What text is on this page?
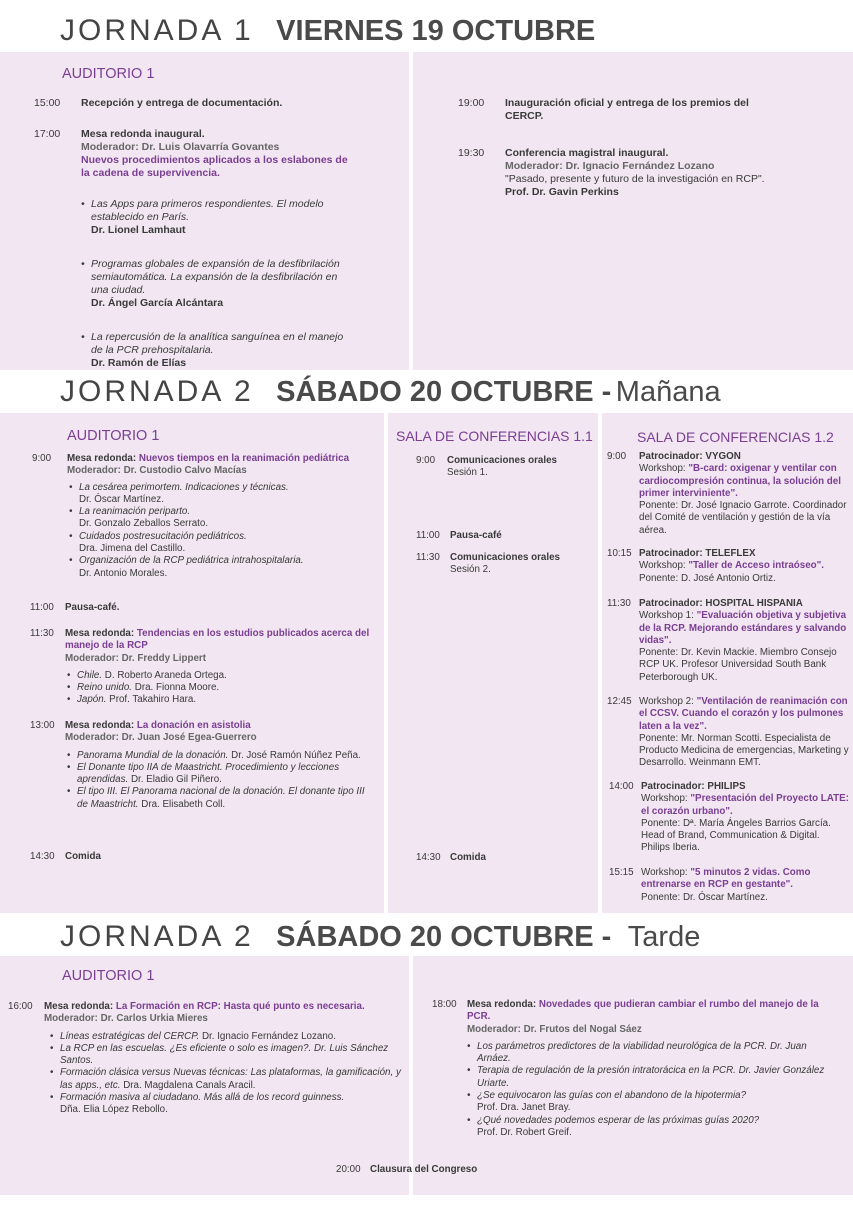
JORNADA 1 VIERNES 19 OCTUBRE
AUDITORIO 1
15:00 Recepción y entrega de documentación.
17:00 Mesa redonda inaugural.
Moderador: Dr. Luis Olavarría Govantes
Nuevos procedimientos aplicados a los eslabones de la cadena de supervivencia.
• Las Apps para primeros respondientes. El modelo establecido en París.
Dr. Lionel Lamhaut
• Programas globales de expansión de la desfibrilación semiautomática. La expansión de la desfibrilación en una ciudad.
Dr. Ángel García Alcántara
• La repercusión de la analítica sanguínea en el manejo de la PCR prehospitalaria.
Dr. Ramón de Elías
19:00 Inauguración oficial y entrega de los premios del CERCP.
19:30 Conferencia magistral inaugural.
Moderador: Dr. Ignacio Fernández Lozano
"Pasado, presente y futuro de la investigación en RCP".
Prof. Dr. Gavin Perkins
JORNADA 2 SÁBADO 20 OCTUBRE - Mañana
AUDITORIO 1	SALA DE CONFERENCIAS 1.1	SALA DE CONFERENCIAS 1.2
9:00 Mesa redonda: Nuevos tiempos en la reanimación pediátrica
Moderador: Dr. Custodio Calvo Macías
• La cesárea perimortem. Indicaciones y técnicas.
Dr. Óscar Martínez.
• La reanimación periparto.
Dr. Gonzalo Zeballos Serrato.
• Cuidados postresucitación pediátricos.
Dra. Jimena del Castillo.
• Organización de la RCP pediátrica intrahospitalaria.
Dr. Antonio Morales.
11:00 Pausa-café.
11:30 Mesa redonda: Tendencias en los estudios publicados acerca del manejo de la RCP
Moderador: Dr. Freddy Lippert
• Chile. D. Roberto Araneda Ortega.
• Reino unido. Dra. Fionna Moore.
• Japón. Prof. Takahiro Hara.
13:00 Mesa redonda: La donación en asistolia
Moderador: Dr. Juan José Egea-Guerrero
• Panorama Mundial de la donación. Dr. José Ramón Núñez Peña.
• El Donante tipo IIA de Maastricht. Procedimiento y lecciones aprendidas. Dr. Eladio Gil Piñero.
• El tipo III. El Panorama nacional de la donación. El donante tipo III de Maastricht. Dra. Elisabeth Coll.
14:30 Comida
9:00 Comunicaciones orales
Sesión 1.
11:00 Pausa-café
11:30 Comunicaciones orales
Sesión 2.
14:30 Comida
9:00 Patrocinador: VYGON
Workshop: "B-card: oxigenar y ventilar con cardiocompresión continua, la solución del primer interviniente".
Ponente: Dr. José Ignacio Garrote. Coordinador del Comité de ventilación y gestión de la vía aérea.
10:15 Patrocinador: TELEFLEX
Workshop: "Taller de Acceso intraóseo".
Ponente: D. José Antonio Ortiz.
11:30 Patrocinador: HOSPITAL HISPANIA
Workshop 1: "Evaluación objetiva y subjetiva de la RCP. Mejorando estándares y salvando vidas".
Ponente: Dr. Kevin Mackie. Miembro Consejo RCP UK. Profesor Universidad South Bank Peterborough UK.
12:45 Workshop 2: "Ventilación de reanimación con el CCSV. Cuando el corazón y los pulmones laten a la vez".
Ponente: Mr. Norman Scotti. Especialista de Producto Medicina de emergencias, Marketing y Desarrollo. Weinmann EMT.
14:00 Patrocinador: PHILIPS
Workshop: "Presentación del Proyecto LATE: el corazón urbano".
Ponente: Dª. María Ángeles Barrios García. Head of Brand, Communication & Digital. Philips Iberia.
15:15 Workshop: "5 minutos 2 vidas. Como entrenarse en RCP en gestante".
Ponente: Dr. Óscar Martínez.
JORNADA 2 SÁBADO 20 OCTUBRE - Tarde
AUDITORIO 1
16:00 Mesa redonda: La Formación en RCP: Hasta qué punto es necesaria.
Moderador: Dr. Carlos Urkia Mieres
• Líneas estratégicas del CERCP. Dr. Ignacio Fernández Lozano.
• La RCP en las escuelas. ¿Es eficiente o solo es imagen?. Dr. Luis Sánchez Santos.
• Formación clásica versus Nuevas técnicas: Las plataformas, la gamificación, y las apps., etc. Dra. Magdalena Canals Aracil.
• Formación masiva al ciudadano. Más allá de los record guinness.
Dña. Elia López Rebollo.
18:00 Mesa redonda: Novedades que pudieran cambiar el rumbo del manejo de la PCR.
Moderador: Dr. Frutos del Nogal Sáez
• Los parámetros predictores de la viabilidad neurológica de la PCR. Dr. Juan Arnáez.
• Terapia de regulación de la presión intratorácica en la PCR. Dr. Javier González Uriarte.
• ¿Se equivocaron las guías con el abandono de la hipotermia?
Prof. Dra. Janet Bray.
• ¿Qué novedades podemos esperar de las próximas guías 2020?
Prof. Dr. Robert Greif.
20:00 Clausura del Congreso
